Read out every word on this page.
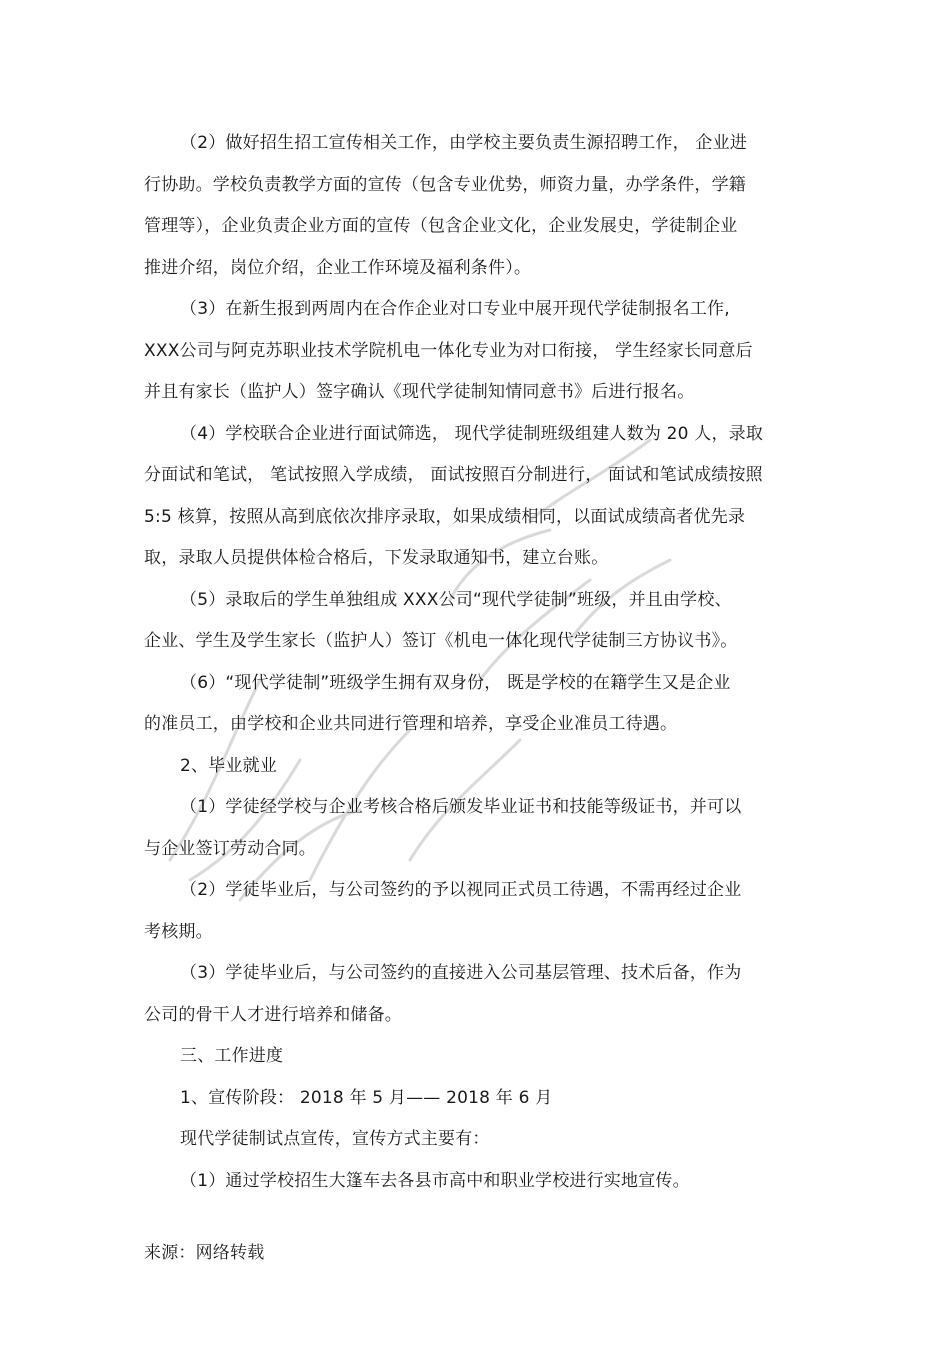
（2）做好招生招工宣传相关工作，由学校主要负责生源招聘工作， 企业进
行协助。学校负责教学方面的宣传（包含专业优势，师资力量，办学条件，学籍
管理等），企业负责企业方面的宣传（包含企业文化，企业发展史，学徒制企业
推进介绍，岗位介绍，企业工作环境及福利条件）。
（3）在新生报到两周内在合作企业对口专业中展开现代学徒制报名工作,
XXX公司与阿克苏职业技术学院机电一体化专业为对口衔接， 学生经家长同意后
并且有家长（监护人）签字确认《现代学徒制知情同意书》后进行报名。
（4）学校联合企业进行面试筛选， 现代学徒制班级组建人数为 20 人，录取
分面试和笔试， 笔试按照入学成绩， 面试按照百分制进行， 面试和笔试成绩按照
5:5 核算，按照从高到底依次排序录取，如果成绩相同，以面试成绩高者优先录
取，录取人员提供体检合格后，下发录取通知书，建立台账。
（5）录取后的学生单独组成 XXX公司“现代学徒制”班级，并且由学校、
企业、学生及学生家长（监护人）签订《机电一体化现代学徒制三方协议书》。
（6）“现代学徒制”班级学生拥有双身份， 既是学校的在籍学生又是企业
的准员工，由学校和企业共同进行管理和培养，享受企业准员工待遇。
2、毕业就业
（1）学徒经学校与企业考核合格后颁发毕业证书和技能等级证书，并可以
与企业签订劳动合同。
（2）学徒毕业后，与公司签约的予以视同正式员工待遇，不需再经过企业
考核期。
（3）学徒毕业后，与公司签约的直接进入公司基层管理、技术后备，作为
公司的骨干人才进行培养和储备。
三、工作进度
1、宣传阶段： 2018 年 5 月—— 2018 年 6 月
现代学徒制试点宣传，宣传方式主要有：
（1）通过学校招生大篷车去各县市高中和职业学校进行实地宣传。
来源：网络转载
